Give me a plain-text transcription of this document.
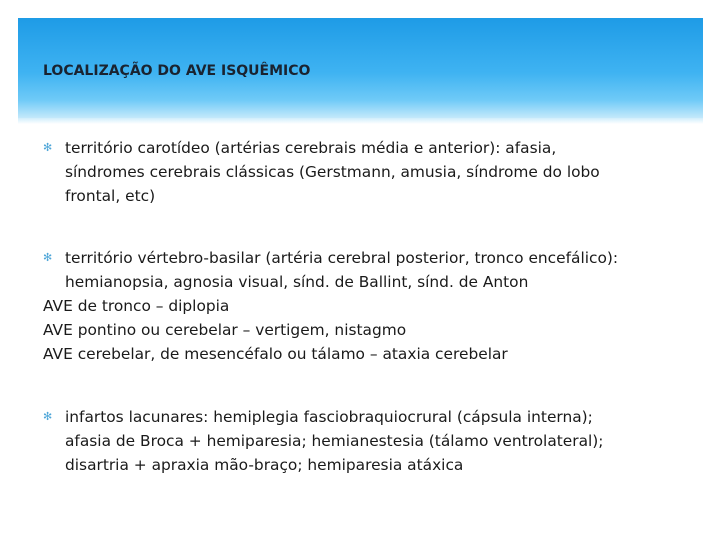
LOCALIZAÇÃO DO AVE ISQUÊMICO
✻ território carotídeo (artérias cerebrais média e anterior): afasia,
síndromes cerebrais clássicas (Gerstmann, amusia, síndrome do lobo
frontal, etc)
✻ território vértebro-basilar (artéria cerebral posterior, tronco encefálico):
hemianopsia, agnosia visual, sínd. de Ballint, sínd. de Anton
AVE de tronco – diplopia
AVE pontino ou cerebelar – vertigem, nistagmo
AVE cerebelar, de mesencéfalo ou tálamo – ataxia cerebelar
✻ infartos lacunares: hemiplegia fasciobraquiocrural (cápsula interna);
afasia de Broca + hemiparesia; hemianestesia (tálamo ventrolateral);
disartria + apraxia mão-braço; hemiparesia atáxica
